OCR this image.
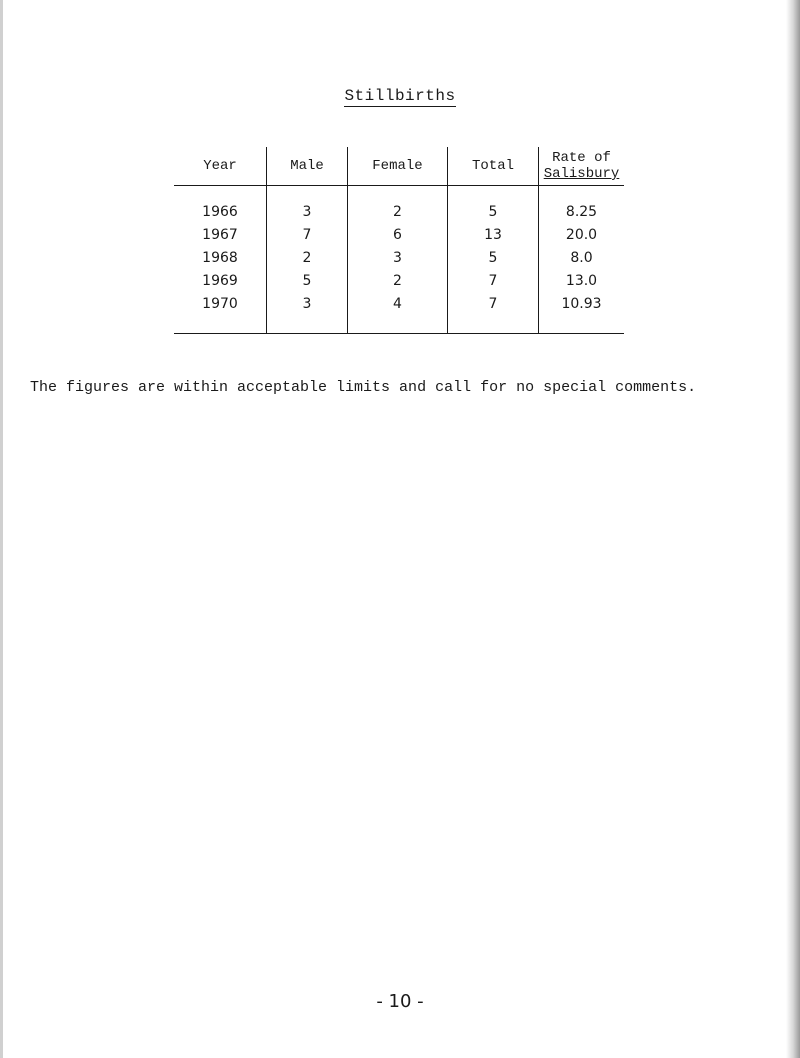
Stillbirths
Year	Male	Female	Total	Rate of
Salisbury

1966	3	2	5	8.25
1967	7	6	13	20.0
1968	2	3	5	8.0
1969	5	2	7	13.0
1970	3	4	7	10.93

The figures are within acceptable limits and call for no special comments.
- 10 -
